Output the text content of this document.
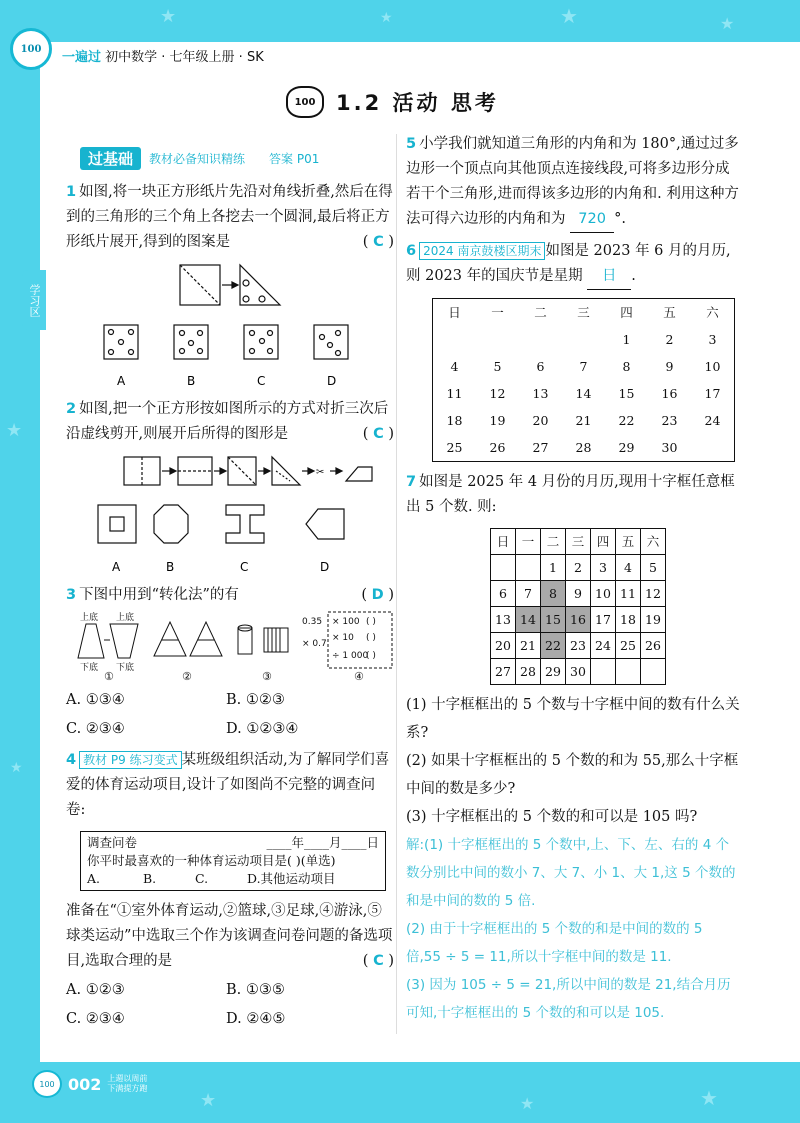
★	★	★	★
★
★
★	★	★
学习区
100
一遍过 初中数学 · 七年级上册 · SK
100 1.2 活动 思考
过基础	教材必备知识精练 答案 P01
1 如图,将一块正方形纸片先沿对角线折叠,然后在得到的三角形的三个角上各挖去一个圆洞,最后将正方形纸片展开,得到的图案是	( C )
A	B	C	D
2 如图,把一个正方形按如图所示的方式对折三次后沿虚线剪开,则展开后所得的图形是	( C )
✂
A	B	C	D
3 下图中用到“转化法”的有	( D )
上底 上底
下底 下底
0.35
× 0.7
× 100
× 10
÷ 1 000
( )
( )
( )
①	②	③	④
A. ①③④	B. ①②③
C. ②③④	D. ①②③④
4 教材 P9 练习变式 某班级组织活动,为了解同学们喜爱的体育运动项目,设计了如图尚不完整的调查问卷:
调查问卷	____年____月____日
你平时最喜欢的一种体育运动项目是( )(单选)
A.	B.	C.	D.其他运动项目
准备在“①室外体育运动,②篮球,③足球,④游泳,⑤球类运动”中选取三个作为该调查问卷问题的备选项目,选取合理的是	( C )
A. ①②③	B. ①③⑤
C. ②③④	D. ②④⑤
5 小学我们就知道三角形的内角和为 180°,通过过多边形一个顶点向其他顶点连接线段,可将多边形分成若干个三角形,进而得该多边形的内角和. 利用这种方法可得六边形的内角和为 720 °.
6 2024 南京鼓楼区期末 如图是 2023 年 6 月的月历,则 2023 年的国庆节是星期 日 .
日	一	二	三	四	五	六
				1	2	3
4	5	6	7	8	9	10
11	12	13	14	15	16	17
18	19	20	21	22	23	24
25	26	27	28	29	30	
7 如图是 2025 年 4 月份的月历,现用十字框任意框出 5 个数. 则:
日	一	二	三	四	五	六
		1	2	3	4	5
6	7	8	9	10	11	12
13	14	15	16	17	18	19
20	21	22	23	24	25	26
27	28	29	30			
(1) 十字框框出的 5 个数与十字框中间的数有什么关系?
(2) 如果十字框框出的 5 个数的和为 55,那么十字框中间的数是多少?
(3) 十字框框出的 5 个数的和可以是 105 吗?
解:(1) 十字框框出的 5 个数中,上、下、左、右的 4 个数分别比中间的数小 7、大 7、小 1、大 1,这 5 个数的和是中间的数的 5 倍.
(2) 由于十字框框出的 5 个数的和是中间的数的 5 倍,55 ÷ 5 = 11,所以十字框中间的数是 11.
(3) 因为 105 ÷ 5 = 21,所以中间的数是 21,结合月历可知,十字框框出的 5 个数的和可以是 105.
100 002 上週以周前
下满提方跑
